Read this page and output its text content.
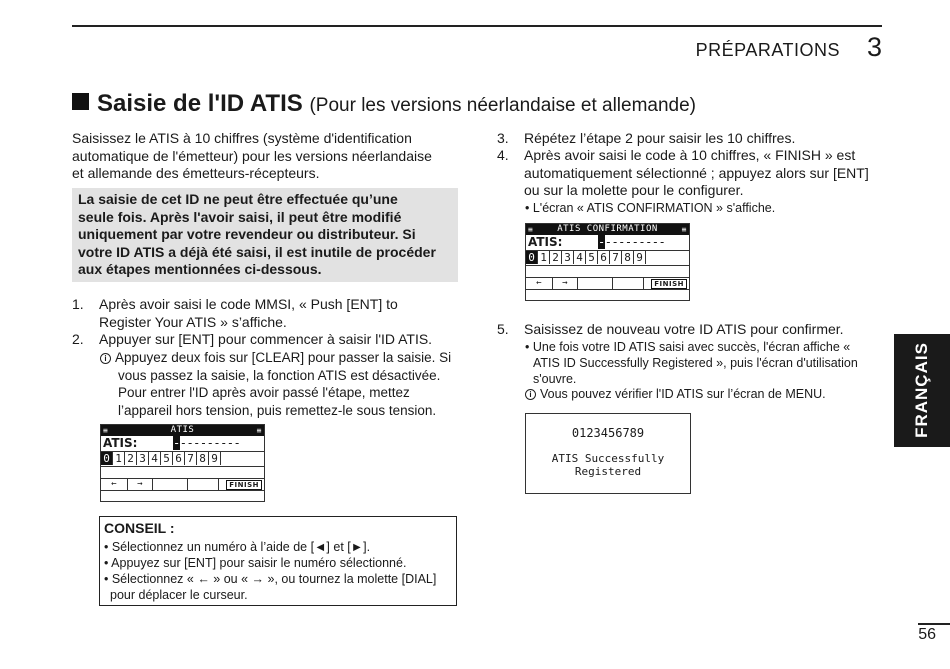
PRÉPARATIONS 3
Saisie de l'ID ATIS (Pour les versions néerlandaise et allemande)
Saisissez le ATIS à 10 chiffres (système d'identification
automatique de l'émetteur) pour les versions néerlandaise
et allemande des émetteurs-récepteurs.
La saisie de cet ID ne peut être effectuée qu’une
seule fois. Après l'avoir saisi, il peut être modifié
uniquement par votre revendeur ou distributeur. Si
votre ID ATIS a déjà été saisi, il est inutile de procéder
aux étapes mentionnées ci-dessous.
1. Après avoir saisi le code MMSI, « Push [ENT] to
Register Your ATIS » s’affiche.
2. Appuyer sur [ENT] pour commencer à saisir l'ID ATIS.
i Appuyez deux fois sur [CLEAR] pour passer la saisie. Si
vous passez la saisie, la fonction ATIS est désactivée.
Pour entrer l'ID après avoir passé l'étape, mettez
l’appareil hors tension, puis remettez-le sous tension.
≡	ATIS	≡
ATIS:	----------
0 1 2 3 4 5 6 7 8 9
←	→	FINISH
CONSEIL :
• Sélectionnez un numéro à l’aide de [◄] et [►].
• Appuyez sur [ENT] pour saisir le numéro sélectionné.
• Sélectionnez « ← » ou « → », ou tournez la molette [DIAL]
pour déplacer le curseur.
3. Répétez l’étape 2 pour saisir les 10 chiffres.
4. Après avoir saisi le code à 10 chiffres, « FINISH » est
automatiquement sélectionné ; appuyez alors sur [ENT]
ou sur la molette pour le configurer.
• L'écran « ATIS CONFIRMATION » s'affiche.
≡	ATIS CONFIRMATION	≡
ATIS:	----------
0 1 2 3 4 5 6 7 8 9
←	→	FINISH
5. Saisissez de nouveau votre ID ATIS pour confirmer.
• Une fois votre ID ATIS saisi avec succès, l'écran affiche «
ATIS ID Successfully Registered », puis l'écran d'utilisation
s'ouvre.
i Vous pouvez vérifier l'ID ATIS sur l’écran de MENU.
0123456789
ATIS Successfully
Registered
FRANÇAIS
56
